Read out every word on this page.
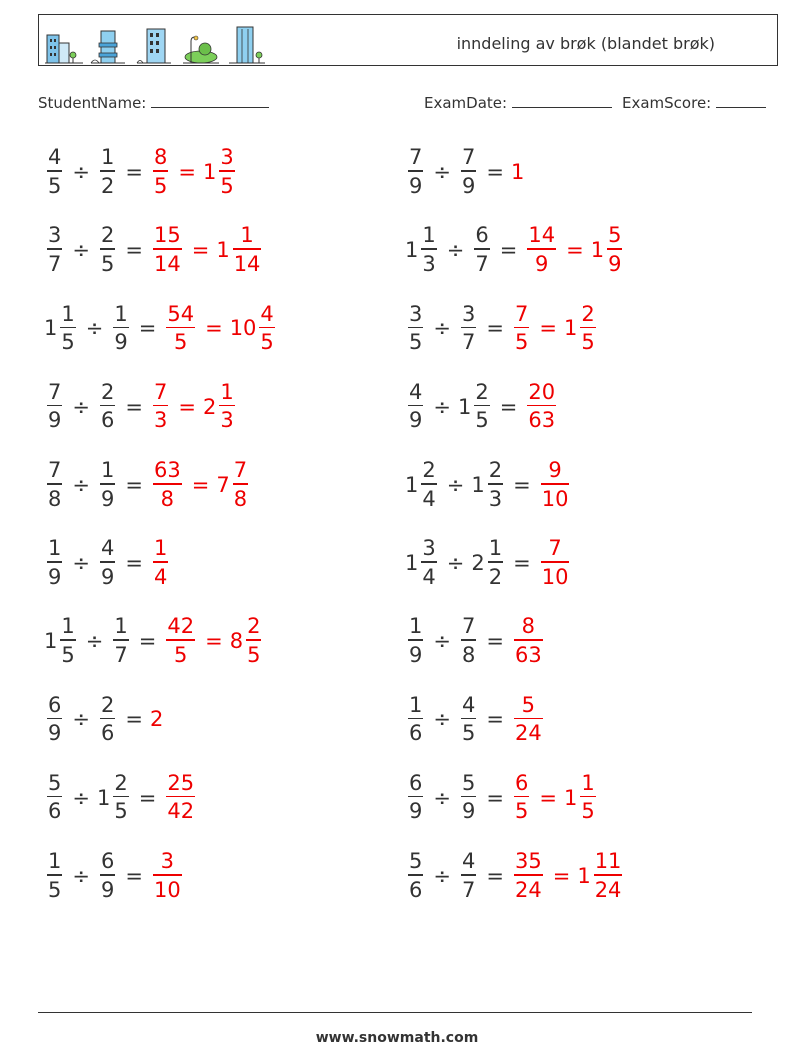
inndeling av brøk (blandet brøk)
StudentName:	ExamDate:	ExamScore:
$\frac{4}{5} \div \frac{1}{2} = \frac{8}{5} = 1 \frac{3}{5}$	$\frac{7}{9} \div \frac{7}{9} = 1$
$\frac{3}{7} \div \frac{2}{5} = \frac{15}{14} = 1 \frac{1}{14}$	$1 \frac{1}{3} \div \frac{6}{7} = \frac{14}{9} = 1 \frac{5}{9}$
$1 \frac{1}{5} \div \frac{1}{9} = \frac{54}{5} = 10 \frac{4}{5}$	$\frac{3}{5} \div \frac{3}{7} = \frac{7}{5} = 1 \frac{2}{5}$
$\frac{7}{9} \div \frac{2}{6} = \frac{7}{3} = 2 \frac{1}{3}$	$\frac{4}{9} \div 1 \frac{2}{5} = \frac{20}{63}$
$\frac{7}{8} \div \frac{1}{9} = \frac{63}{8} = 7 \frac{7}{8}$	$1 \frac{2}{4} \div 1 \frac{2}{3} = \frac{9}{10}$
$\frac{1}{9} \div \frac{4}{9} = \frac{1}{4}$	$1 \frac{3}{4} \div 2 \frac{1}{2} = \frac{7}{10}$
$1 \frac{1}{5} \div \frac{1}{7} = \frac{42}{5} = 8 \frac{2}{5}$	$\frac{1}{9} \div \frac{7}{8} = \frac{8}{63}$
$\frac{6}{9} \div \frac{2}{6} = 2$	$\frac{1}{6} \div \frac{4}{5} = \frac{5}{24}$
$\frac{5}{6} \div 1 \frac{2}{5} = \frac{25}{42}$	$\frac{6}{9} \div \frac{5}{9} = \frac{6}{5} = 1 \frac{1}{5}$
$\frac{1}{5} \div \frac{6}{9} = \frac{3}{10}$	$\frac{5}{6} \div \frac{4}{7} = \frac{35}{24} = 1 \frac{11}{24}$
www.snowmath.com
